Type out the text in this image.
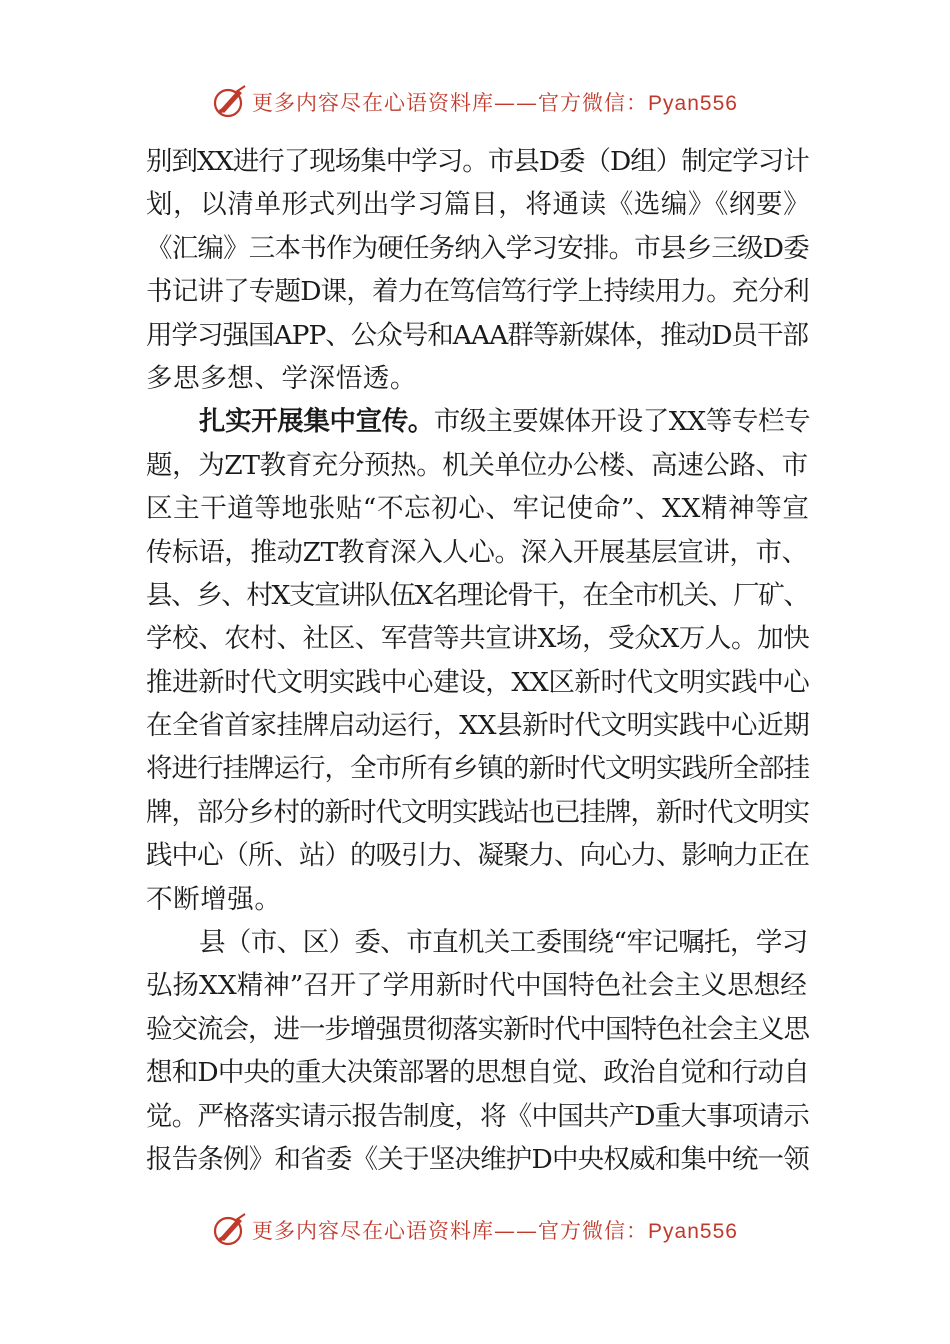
更多内容尽在心语资料库——官方微信：Pyan556
别到XX进行了现场集中学习。市县D委（D组）制定学习计
划，以清单形式列出学习篇目，将通读《选编》《纲要》
《汇编》三本书作为硬任务纳入学习安排。市县乡三级D委
书记讲了专题D课，着力在笃信笃行学上持续用力。充分利
用学习强国APP、公众号和AAA群等新媒体，推动D员干部
多思多想、学深悟透。
扎实开展集中宣传。市级主要媒体开设了XX等专栏专
题，为ZT教育充分预热。机关单位办公楼、高速公路、市
区主干道等地张贴“不忘初心、牢记使命”、XX精神等宣
传标语，推动ZT教育深入人心。深入开展基层宣讲，市、
县、乡、村X支宣讲队伍X名理论骨干，在全市机关、厂矿、
学校、农村、社区、军营等共宣讲X场，受众X万人。加快
推进新时代文明实践中心建设，XX区新时代文明实践中心
在全省首家挂牌启动运行，XX县新时代文明实践中心近期
将进行挂牌运行，全市所有乡镇的新时代文明实践所全部挂
牌，部分乡村的新时代文明实践站也已挂牌，新时代文明实
践中心（所、站）的吸引力、凝聚力、向心力、影响力正在
不断增强。
县（市、区）委、市直机关工委围绕“牢记嘱托，学习
弘扬XX精神”召开了学用新时代中国特色社会主义思想经
验交流会，进一步增强贯彻落实新时代中国特色社会主义思
想和D中央的重大决策部署的思想自觉、政治自觉和行动自
觉。严格落实请示报告制度，将《中国共产D重大事项请示
报告条例》和省委《关于坚决维护D中央权威和集中统一领
更多内容尽在心语资料库——官方微信：Pyan556
